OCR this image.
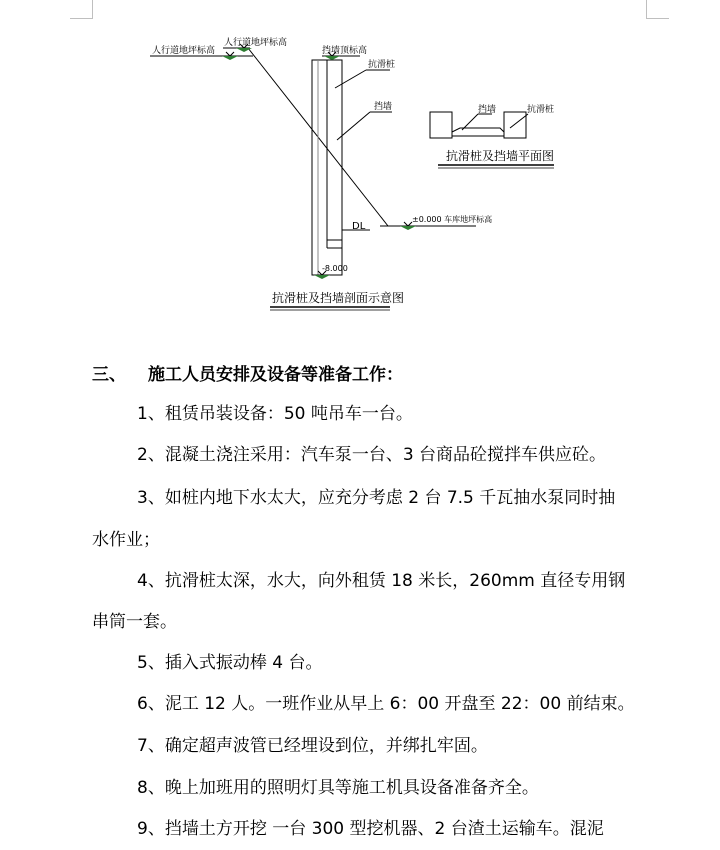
人行道地坪标高
人行道地坪标高
挡墙顶标高
抗滑桩
挡墙
±0.000 车库地坪标高
DL
-8.000
抗滑桩及挡墙剖面示意图
挡墙	抗滑桩
抗滑桩及挡墙平面图
三、 施工人员安排及设备等准备工作：
1、租赁吊装设备：50 吨吊车一台。
2、混凝土浇注采用：汽车泵一台、3 台商品砼搅拌车供应砼。
3、如桩内地下水太大，应充分考虑 2 台 7.5 千瓦抽水泵同时抽
水作业；
4、抗滑桩太深，水大，向外租赁 18 米长，260mm 直径专用钢
串筒一套。
5、插入式振动棒 4 台。
6、泥工 12 人。一班作业从早上 6：00 开盘至 22：00 前结束。
7、确定超声波管已经埋设到位，并绑扎牢固。
8、晚上加班用的照明灯具等施工机具设备准备齐全。
9、挡墙土方开挖 一台 300 型挖机器、2 台渣土运输车。混泥
